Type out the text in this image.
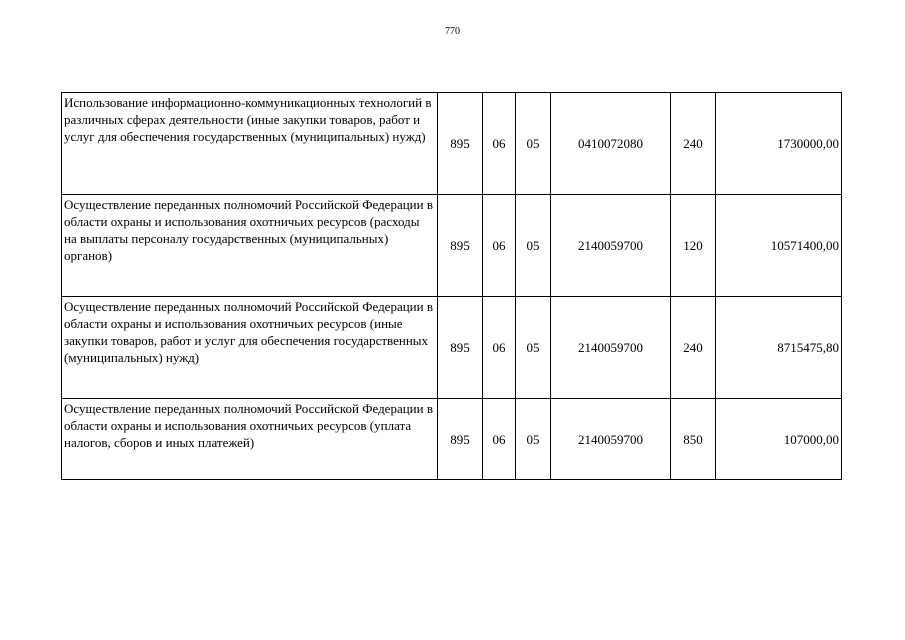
770
Использование информационно-коммуникационных технологий в различных сферах деятельности (иные закупки товаров, работ и услуг для обеспечения государственных (муниципальных) нужд)	895	06	05	0410072080	240	1730000,00
Осуществление переданных полномочий Российской Федерации в области охраны и использования охотничьих ресурсов (расходы на выплаты персоналу государственных (муниципальных) органов)	895	06	05	2140059700	120	10571400,00
Осуществление переданных полномочий Российской Федерации в области охраны и использования охотничьих ресурсов (иные закупки товаров, работ и услуг для обеспечения государственных (муниципальных) нужд)	895	06	05	2140059700	240	8715475,80
Осуществление переданных полномочий Российской Федерации в области охраны и использования охотничьих ресурсов (уплата налогов, сборов и иных платежей)	895	06	05	2140059700	850	107000,00
